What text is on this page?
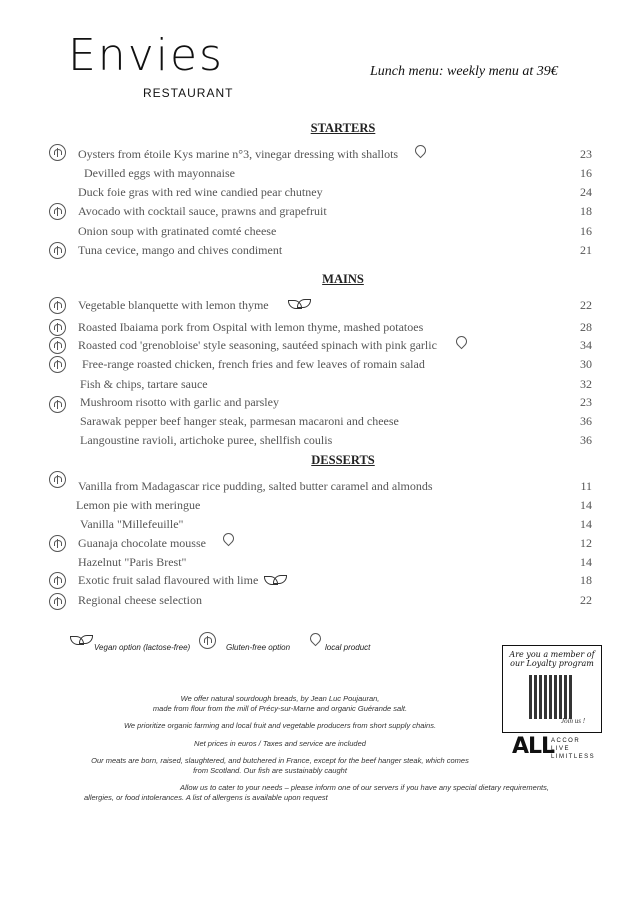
Envies
RESTAURANT
Lunch menu: weekly menu at 39€
STARTERS
Oysters from étoile Kys marine n°3, vinegar dressing with shallots	23
Devilled eggs with mayonnaise	16
Duck foie gras with red wine candied pear chutney	24
Avocado with cocktail sauce, prawns and grapefruit	18
Onion soup with gratinated comté cheese	16
Tuna cevice, mango and chives condiment	21
MAINS
Vegetable blanquette with lemon thyme	22
Roasted Ibaiama pork from Ospital with lemon thyme, mashed potatoes	28
Roasted cod 'grenobloise' style seasoning, sautéed spinach with pink garlic	34
Free-range roasted chicken, french fries and few leaves of romain salad	30
Fish & chips, tartare sauce	32
Mushroom risotto with garlic and parsley	23
Sarawak pepper beef hanger steak, parmesan macaroni and cheese	36
Langoustine ravioli, artichoke puree, shellfish coulis	36
DESSERTS
Vanilla from Madagascar rice pudding, salted butter caramel and almonds	11
Lemon pie with meringue	14
Vanilla "Millefeuille"	14
Guanaja chocolate mousse	12
Hazelnut "Paris Brest"	14
Exotic fruit salad flavoured with lime	18
Regional cheese selection	22
Vegan option (lactose-free)	Gluten-free option	local product
Are you a member of
our Loyalty program
Join us !
ALL
ACCOR
LIVE
LIMITLESS
We offer natural sourdough breads, by Jean Luc Poujauran,
made from flour from the mill of Précy-sur-Marne and organic Guérande salt.
We prioritize organic farming and local fruit and vegetable producers from short supply chains.
Net prices in euros / Taxes and service are included
Our meats are born, raised, slaughtered, and butchered in France, except for the beef hanger steak, which comes
from Scotland. Our fish are sustainably caught
Allow us to cater to your needs – please inform one of our servers if you have any special dietary requirements,
allergies, or food intolerances. A list of allergens is available upon request
